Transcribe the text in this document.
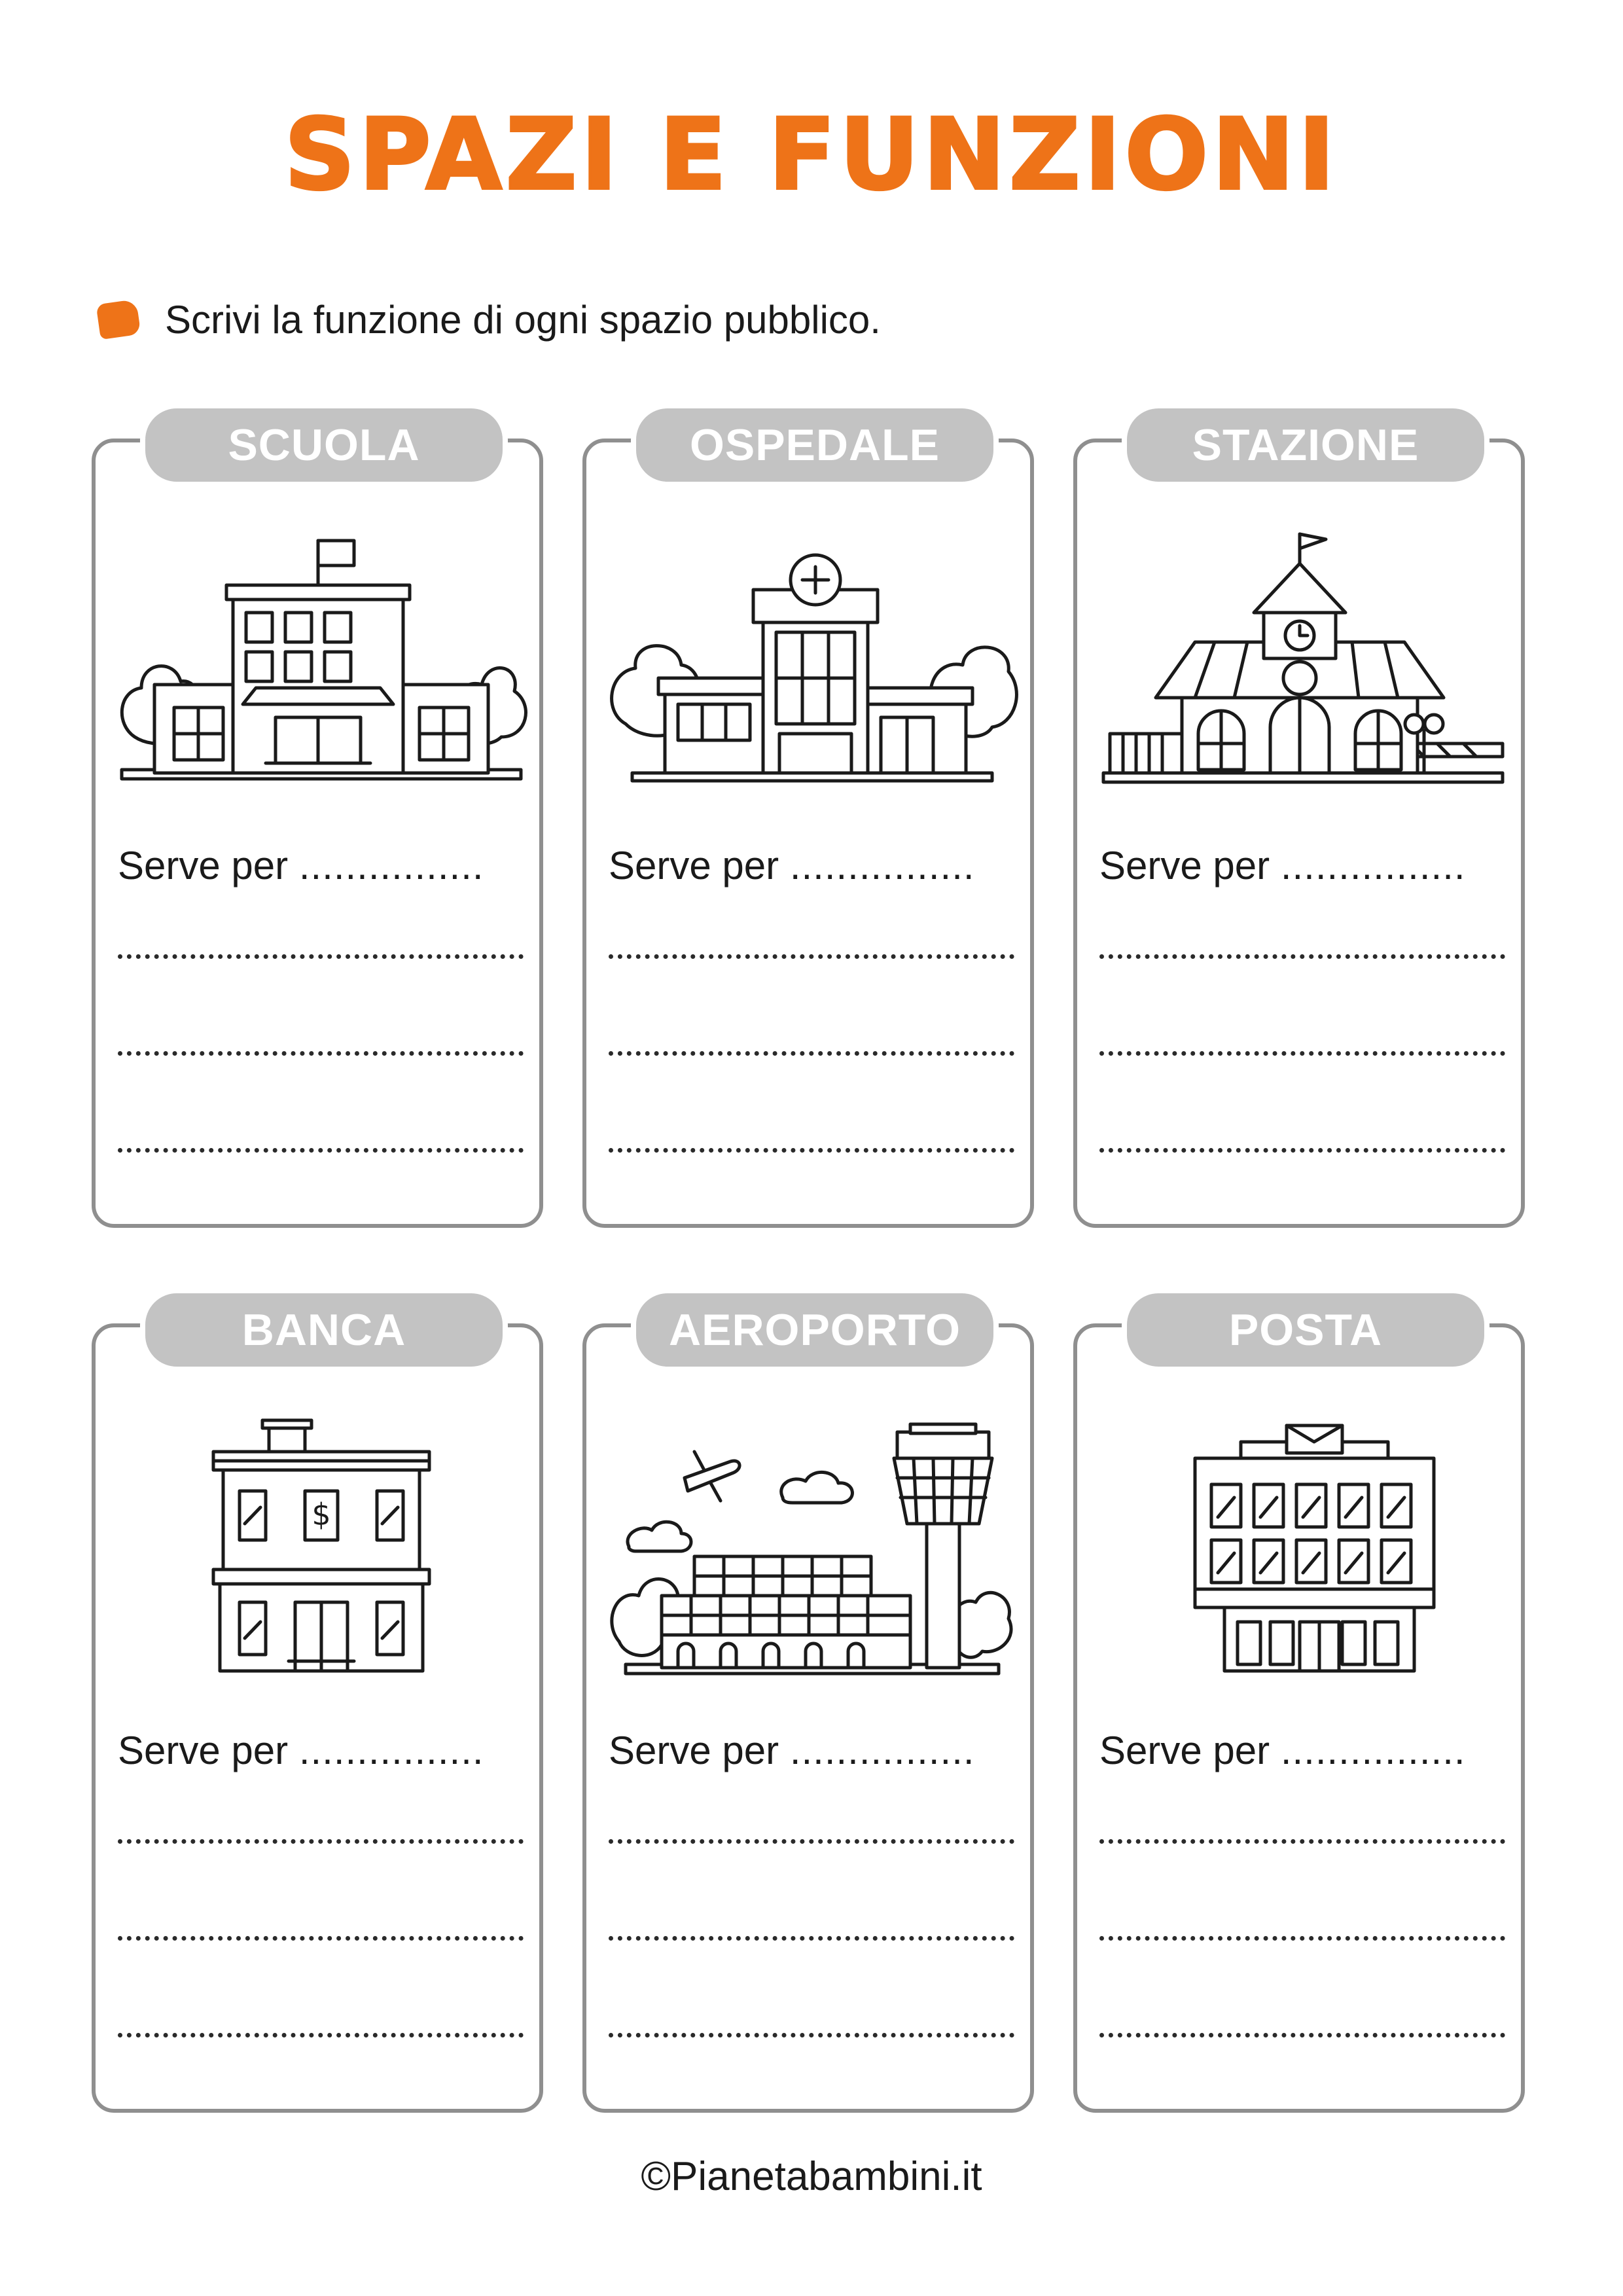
SPAZI E FUNZIONI
Scrivi la funzione di ogni spazio pubblico.
SCUOLA
Serve per ................
OSPEDALE
Serve per ................
STAZIONE
Serve per ................
BANCA
$
Serve per ................
AEROPORTO
Serve per ................
POSTA
Serve per ................
©Pianetabambini.it
